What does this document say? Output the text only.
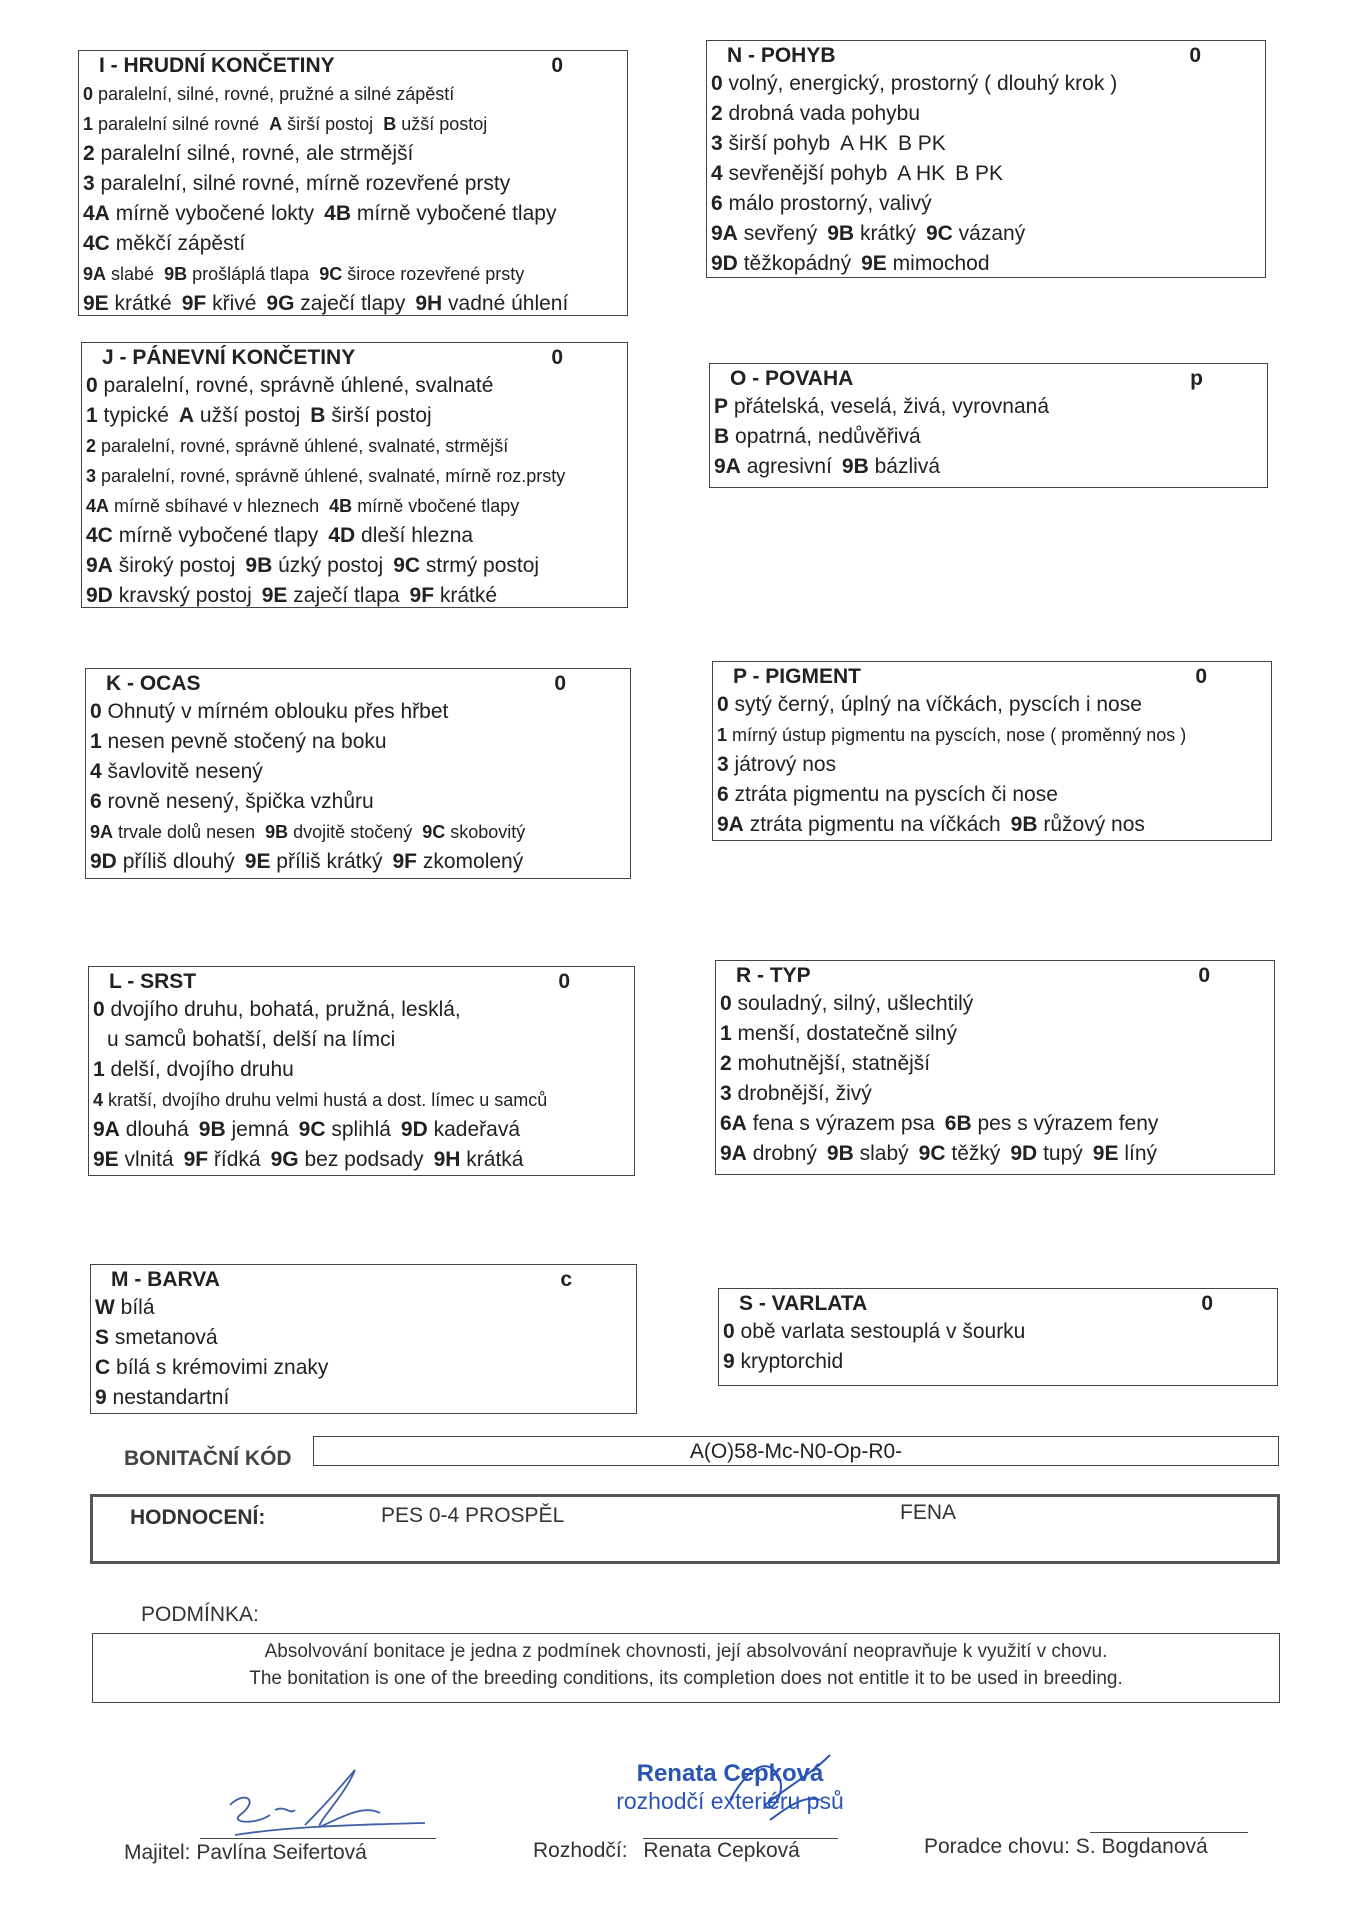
I - HRUDNÍ KONČETINY	0
0 paralelní, silné, rovné, pružné a silné zápěstí
1 paralelní silné rovné A širší postoj B užší postoj
2 paralelní silné, rovné, ale strmější
3 paralelní, silné rovné, mírně rozevřené prsty
4A mírně vybočené lokty 4B mírně vybočené tlapy
4C měkčí zápěstí
9A slabé 9B prošláplá tlapa 9C široce rozevřené prsty
9E krátké 9F křivé 9G zaječí tlapy 9H vadné úhlení
N - POHYB	0
0 volný, energický, prostorný ( dlouhý krok )
2 drobná vada pohybu
3 širší pohyb A HK B PK
4 sevřenější pohyb A HK B PK
6 málo prostorný, valivý
9A sevřený 9B krátký 9C vázaný
9D těžkopádný 9E mimochod
J - PÁNEVNÍ KONČETINY	0
0 paralelní, rovné, správně úhlené, svalnaté
1 typické A užší postoj B širší postoj
2 paralelní, rovné, správně úhlené, svalnaté, strmější
3 paralelní, rovné, správně úhlené, svalnaté, mírně roz.prsty
4A mírně sbíhavé v hleznech 4B mírně vbočené tlapy
4C mírně vybočené tlapy 4D dleší hlezna
9A široký postoj 9B úzký postoj 9C strmý postoj
9D kravský postoj 9E zaječí tlapa 9F krátké
O - POVAHA	p
P přátelská, veselá, živá, vyrovnaná
B opatrná, nedůvěřivá
9A agresivní 9B bázlivá
K - OCAS	0
0 Ohnutý v mírném oblouku přes hřbet
1 nesen pevně stočený na boku
4 šavlovitě nesený
6 rovně nesený, špička vzhůru
9A trvale dolů nesen 9B dvojitě stočený 9C skobovitý
9D příliš dlouhý 9E příliš krátký 9F zkomolený
P - PIGMENT	0
0 sytý černý, úplný na víčkách, pyscích i nose
1 mírný ústup pigmentu na pyscích, nose ( proměnný nos )
3 játrový nos
6 ztráta pigmentu na pyscích či nose
9A ztráta pigmentu na víčkách 9B růžový nos
L - SRST	0
0 dvojího druhu, bohatá, pružná, lesklá,
u samců bohatší, delší na límci
1 delší, dvojího druhu
4 kratší, dvojího druhu velmi hustá a dost. límec u samců
9A dlouhá 9B jemná 9C splihlá 9D kadeřavá
9E vlnitá 9F řídká 9G bez podsady 9H krátká
R - TYP	0
0 souladný, silný, ušlechtilý
1 menší, dostatečně silný
2 mohutnější, statnější
3 drobnější, živý
6A fena s výrazem psa 6B pes s výrazem feny
9A drobný 9B slabý 9C těžký 9D tupý 9E líný
M - BARVA	c
W bílá
S smetanová
C bílá s krémovimi znaky
9 nestandartní
S - VARLATA	0
0 obě varlata sestouplá v šourku
9 kryptorchid
BONITAČNÍ KÓD	A(O)58-Mc-N0-Op-R0-
HODNOCENÍ:	PES 0-4 PROSPĚL	FENA
PODMÍNKA:
Absolvování bonitace je jedna z podmínek chovnosti, její absolvování neopravňuje k využití v chovu.
The bonitation is one of the breeding conditions, its completion does not entitle it to be used in breeding.
Renata Cepková
rozhodčí exteriéru psů
Majitel: Pavlína Seifertová	Rozhodčí: Renata Cepková	Poradce chovu: S. Bogdanová
